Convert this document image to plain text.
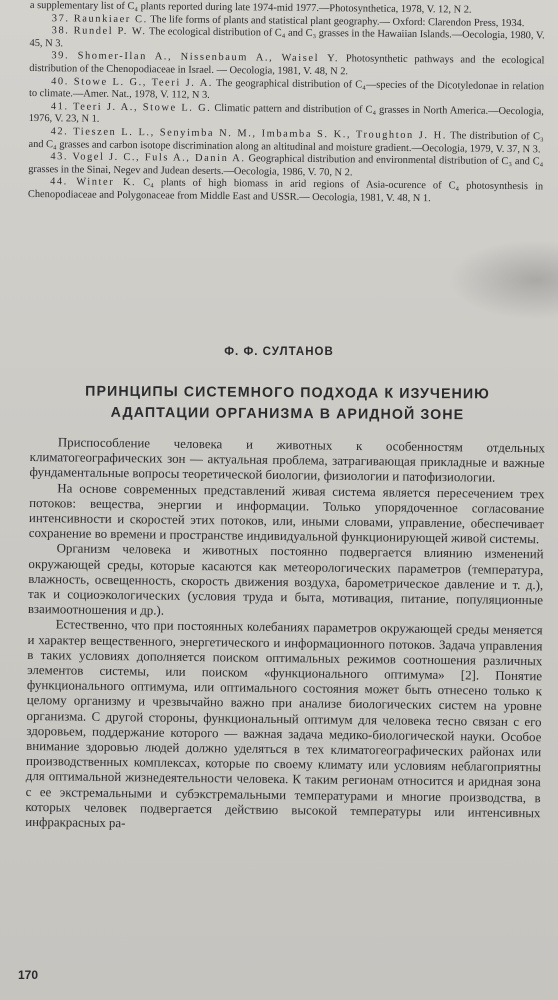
a supplementary list of C₄ plants reported during late 1974-mid 1977.—Photosynthetica, 1978, V. 12, N 2.

37. Raunkiaer C. The life forms of plants and statistical plant geography.— Oxford: Clarendon Press, 1934.

38. Rundel P. W. The ecological distribution of C₄ and C₃ grasses in the Hawaiian Islands.—Oecologia, 1980, V. 45, N 3.

39. Shomer-Ilan A., Nissenbaum A., Waisel Y. Photosynthetic pathways and the ecological distribution of the Chenopodiaceae in Israel. — Oecologia, 1981, V. 48, N 2.

40. Stowe L. G., Teeri J. A. The geographical distribution of C₄—species of the Dicotyledonae in relation to climate.—Amer. Nat., 1978, V. 112, N 3.

41. Teeri J. A., Stowe L. G. Climatic pattern and distribution of C₄ grasses in North America.—Oecologia, 1976, V. 23, N 1.

42. Tieszen L. L., Senyimba N. M., Imbamba S. K., Troughton J. H. The distribution of C₃ and C₄ grasses and carbon isotope discrimination along an altitudinal and moisture gradient.—Oecologia, 1979, V. 37, N 3.

43. Vogel J. C., Fuls A., Danin A. Geographical distribution and environmental distribution of C₃ and C₄ grasses in the Sinai, Negev and Judean deserts.—Oecologia, 1986, V. 70, N 2.

44. Winter K. C₄ plants of high biomass in arid regions of Asia-ocurence of C₄ photosynthesis in Chenopodiaceae and Polygonaceae from Middle East and USSR.— Oecologia, 1981, V. 48, N 1.

Ф. Ф. СУЛТАНОВ
ПРИНЦИПЫ СИСТЕМНОГО ПОДХОДА К ИЗУЧЕНИЮ
АДАПТАЦИИ ОРГАНИЗМА В АРИДНОЙ ЗОНЕ

Приспособление человека и животных к особенностям отдельных климатогеографических зон — актуальная проблема, затрагивающая прикладные и важные фундаментальные вопросы теоретической биологии, физиологии и патофизиологии.

На основе современных представлений живая система является пересечением трех потоков: вещества, энергии и информации. Только упорядоченное согласование интенсивности и скоростей этих потоков, или, иными словами, управление, обеспечивает сохранение во времени и пространстве индивидуальной функционирующей живой системы.

Организм человека и животных постоянно подвергается влиянию изменений окружающей среды, которые касаются как метеорологических параметров (температура, влажность, освещенность, скорость движения воздуха, барометрическое давление и т. д.), так и социоэкологических (условия труда и быта, мотивация, питание, популяционные взаимоотношения и др.).

Естественно, что при постоянных колебаниях параметров окружающей среды меняется и характер вещественного, энергетического и информационного потоков. Задача управления в таких условиях дополняется поиском оптимальных режимов соотношения различных элементов системы, или поиском «функционального оптимума» [2]. Понятие функционального оптимума, или оптимального состояния может быть отнесено только к целому организму и чрезвычайно важно при анализе биологических систем на уровне организма. С другой стороны, функциональный оптимум для человека тесно связан с его здоровьем, поддержание которого — важная задача медико-биологической науки. Особое внимание здоровью людей должно уделяться в тех климатогеографических районах или производственных комплексах, которые по своему климату или условиям неблагоприятны для оптимальной жизнедеятельности человека. К таким регионам относится и аридная зона с ее экстремальными и субэкстремальными температурами и многие производства, в которых человек подвергается действию высокой температуры или интенсивных инфракрасных ра-

170
